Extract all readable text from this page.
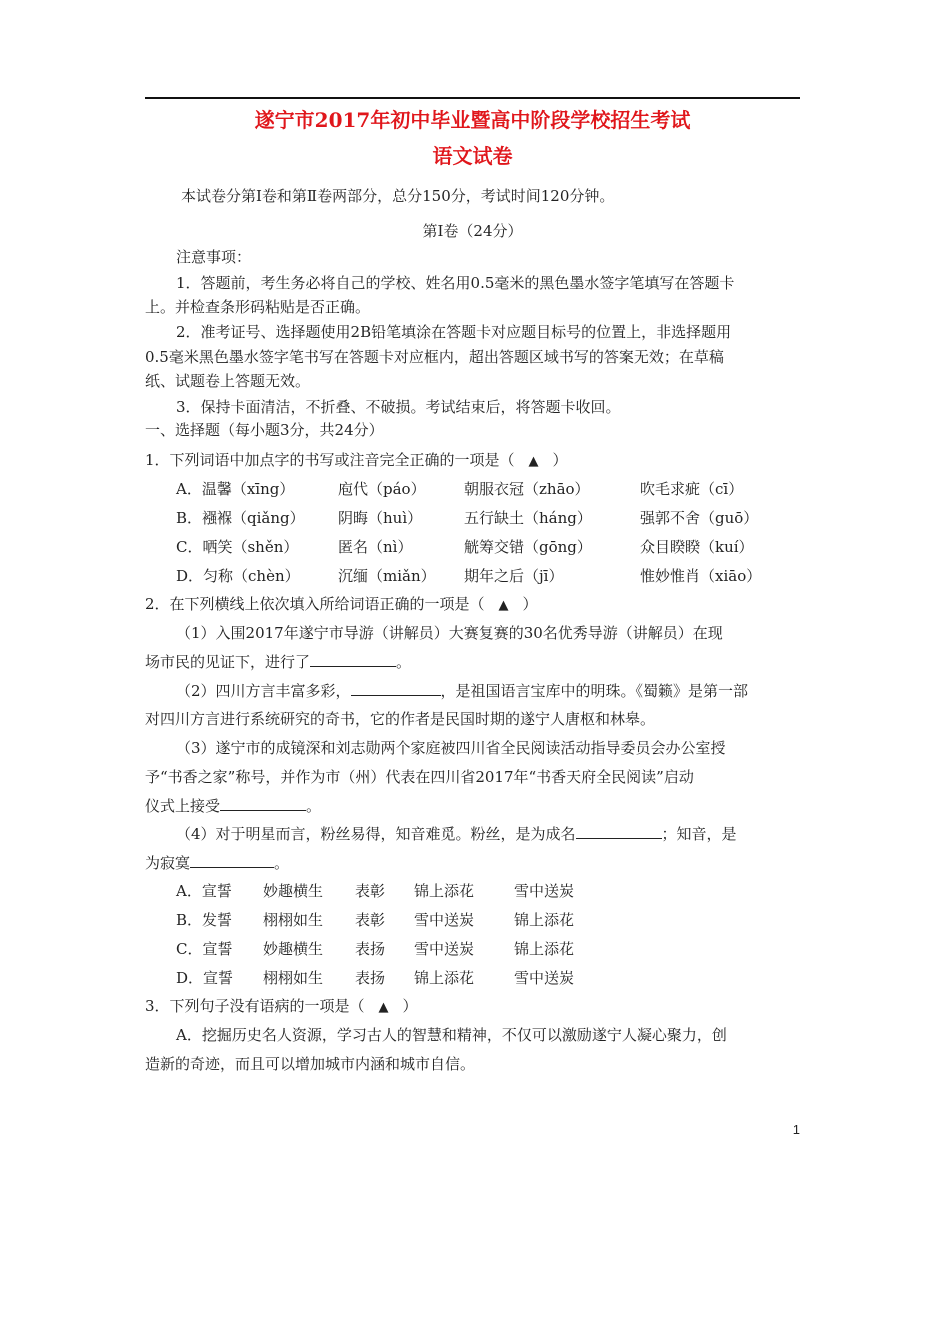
遂宁市2017年初中毕业暨高中阶段学校招生考试
语文试卷
本试卷分第Ⅰ卷和第Ⅱ卷两部分，总分150分，考试时间120分钟。
第Ⅰ卷（24分）
注意事项：
1．答题前，考生务必将自己的学校、姓名用0.5毫米的黑色墨水签字笔填写在答题卡
上。并检查条形码粘贴是否正确。
2．准考证号、选择题使用2B铅笔填涂在答题卡对应题目标号的位置上，非选择题用
0.5毫米黑色墨水签字笔书写在答题卡对应框内，超出答题区域书写的答案无效；在草稿
纸、试题卷上答题无效。
3．保持卡面清洁，不折叠、不破损。考试结束后，将答题卡收回。
一、选择题（每小题3分，共24分）
1．下列词语中加点字的书写或注音完全正确的一项是（ ▲ ）
A．温馨（xīng）	庖代（páo）	朝服衣冠（zhāo）	吹毛求疵（cī）
B．襁褓（qiǎng） 阴晦（huì）	五行缺土（háng）	强郭不舍（guō）
C．哂笑（shěn）	匿名（nì）	觥筹交错（gōng）	众目睽睽（kuí）
D．匀称（chèn）	沉缅（miǎn） 期年之后（jī）	惟妙惟肖（xiāo）
2．在下列横线上依次填入所给词语正确的一项是（ ▲ ）
（1）入围2017年遂宁市导游（讲解员）大赛复赛的30名优秀导游（讲解员）在现
场市民的见证下，进行了	。
（2）四川方言丰富多彩，	，是祖国语言宝库中的明珠。《蜀籁》是第一部
对四川方言进行系统研究的奇书，它的作者是民国时期的遂宁人唐枢和林皋。
（3）遂宁市的成镜深和刘志勋两个家庭被四川省全民阅读活动指导委员会办公室授
予“书香之家”称号，并作为市（州）代表在四川省2017年“书香天府全民阅读”启动
仪式上接受	。
（4）对于明星而言，粉丝易得，知音难觅。粉丝，是为成名	；知音，是
为寂寞	。
A．宣誓 妙趣横生 表彰 锦上添花	雪中送炭
B．发誓 栩栩如生 表彰 雪中送炭	锦上添花
C．宣誓 妙趣横生 表扬 雪中送炭	锦上添花
D．宣誓 栩栩如生 表扬 锦上添花	雪中送炭
3．下列句子没有语病的一项是（ ▲ ）
A．挖掘历史名人资源，学习古人的智慧和精神，不仅可以激励遂宁人凝心聚力，创
造新的奇迹，而且可以增加城市内涵和城市自信。
1
